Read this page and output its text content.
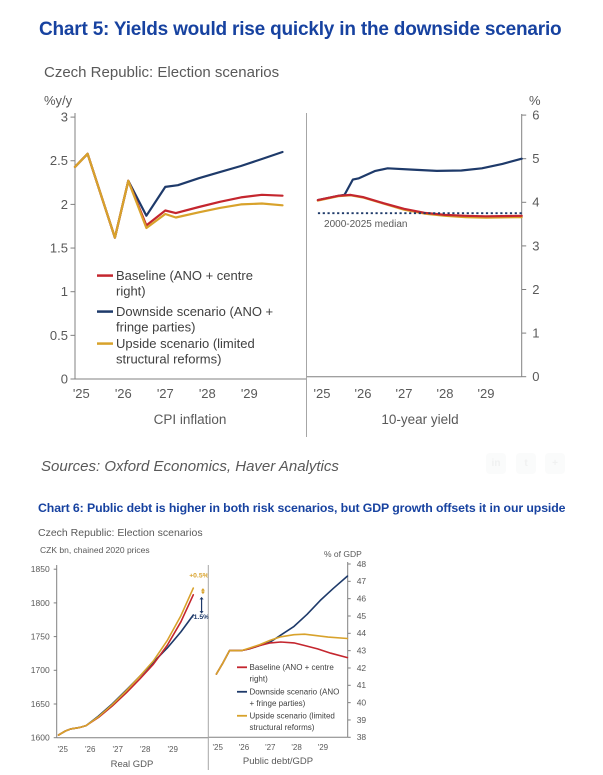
Chart 5: Yields would rise quickly in the downside scenario
Czech Republic: Election scenarios
%y/y	%
Sources: Oxford Economics, Haver Analytics	in	t	+
Chart 6: Public debt is higher in both risk scenarios, but GDP growth offsets it in our upside
Czech Republic: Election scenarios
CZK bn, chained 2020 prices	% of GDP
0
0.5
1
1.5
2
2.5
3
'25 '26 '27 '28 '29
CPI inflation
Baseline (ANO + centre
right)
Downside scenario (ANO +
fringe parties)
Upside scenario (limited
structural reforms)
0
1
2
3
4
5
6
'25 '26 '27 '28 '29
10-year yield
2000-2025 median
1600
1650
1700
1750
1800
1850
'25 '26 '27 '28 '29
Real GDP
+0.5%
-1.5%
38
39
40
41
42
43
44
45
46
47
48
'25 '26 '27 '28 '29
Public debt/GDP
Baseline (ANO + centre
right)
Downside scenario (ANO
+ fringe parties)
Upside scenario (limited
structural reforms)
